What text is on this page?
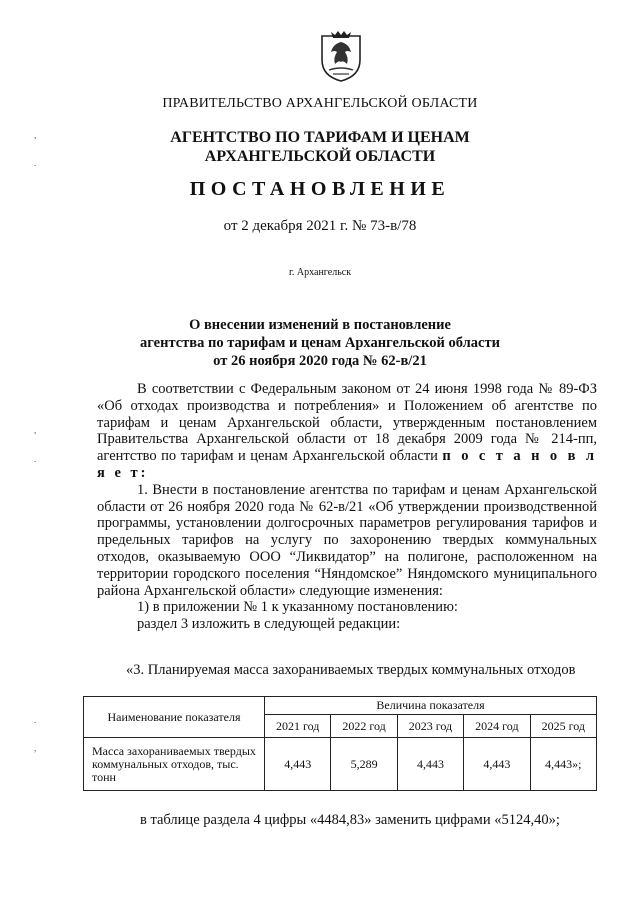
ПРАВИТЕЛЬСТВО АРХАНГЕЛЬСКОЙ ОБЛАСТИ
АГЕНТСТВО ПО ТАРИФАМ И ЦЕНАМ
АРХАНГЕЛЬСКОЙ ОБЛАСТИ
ПОСТАНОВЛЕНИЕ
от 2 декабря 2021 г. № 73-в/78
г. Архангельск
О внесении изменений в постановление
агентства по тарифам и ценам Архангельской области
от 26 ноября 2020 года № 62-в/21

В соответствии с Федеральным законом от 24 июня 1998 года № 89-ФЗ «Об отходах производства и потребления» и Положением об агентстве по тарифам и ценам Архангельской области, утвержденным постановлением Правительства Архангельской области от 18 декабря 2009 года № 214-пп, агентство по тарифам и ценам Архангельской области п о с т а н о в л я е т:

1. Внести в постановление агентства по тарифам и ценам Архангельской области от 26 ноября 2020 года № 62-в/21 «Об утверждении производственной программы, установлении долгосрочных параметров регулирования тарифов и предельных тарифов на услугу по захоронению твердых коммунальных отходов, оказываемую ООО “Ликвидатор” на полигоне, расположенном на территории городского поселения “Няндомское” Няндомского муниципального района Архангельской области» следующие изменения:

1) в приложении № 1 к указанному постановлению:

раздел 3 изложить в следующей редакции:

«3. Планируемая масса захораниваемых твердых коммунальных отходов
Наименование показателя	Величина показателя				
	2021 год	2022 год	2023 год	2024 год	2025 год
Масса захораниваемых твердых коммунальных отходов, тыс. тонн	4,443	5,289	4,443	4,443	4,443»;
в таблице раздела 4 цифры «4484,83» заменить цифрами «5124,40»;
,
.
,
.
.
,
